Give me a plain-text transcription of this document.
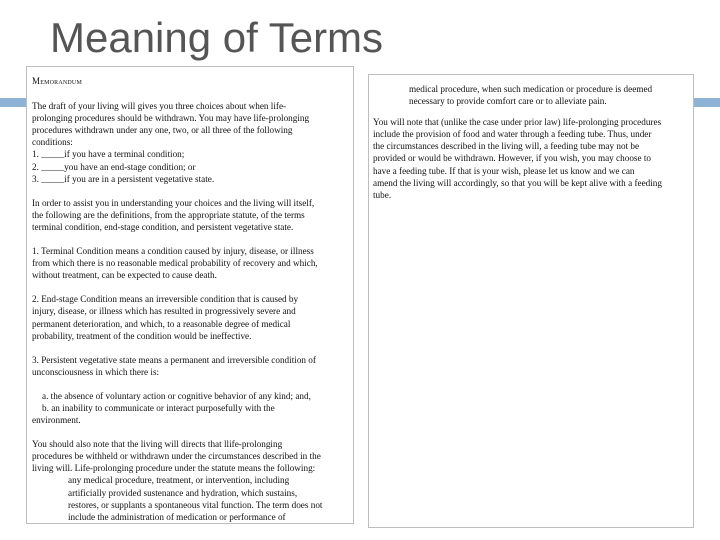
Meaning of Terms
Memorandum

The draft of your living will gives you three choices about when life-
prolonging procedures should be withdrawn. You may have life-prolonging
procedures withdrawn under any one, two, or all three of the following
conditions:
1. _____if you have a terminal condition;
2. _____you have an end-stage condition; or
3. _____if you are in a persistent vegetative state.

In order to assist you in understanding your choices and the living will itself,
the following are the definitions, from the appropriate statute, of the terms
terminal condition, end-stage condition, and persistent vegetative state.

1. Terminal Condition means a condition caused by injury, disease, or illness
from which there is no reasonable medical probability of recovery and which,
without treatment, can be expected to cause death.

2. End-stage Condition means an irreversible condition that is caused by
injury, disease, or illness which has resulted in progressively severe and
permanent deterioration, and which, to a reasonable degree of medical
probability, treatment of the condition would be ineffective.

3. Persistent vegetative state means a permanent and irreversible condition of
unconsciousness in which there is:
a. the absence of voluntary action or cognitive behavior of any kind; and,
b. an inability to communicate or interact purposefully with the
environment.

You should also note that the living will directs that llife-prolonging
procedures be withheld or withdrawn under the circumstances described in the
living will. Life-prolonging procedure under the statute means the following:
any medical procedure, treatment, or intervention, including
artificially provided sustenance and hydration, which sustains,
restores, or supplants a spontaneous vital function. The term does not
include the administration of medication or performance of

medical procedure, when such medication or procedure is deemed
necessary to provide comfort care or to alleviate pain.

You will note that (unlike the case under prior law) life-prolonging procedures
include the provision of food and water through a feeding tube. Thus, under
the circumstances described in the living will, a feeding tube may not be
provided or would be withdrawn. However, if you wish, you may choose to
have a feeding tube. If that is your wish, please let us know and we can
amend the living will accordingly, so that you will be kept alive with a feeding
tube.
